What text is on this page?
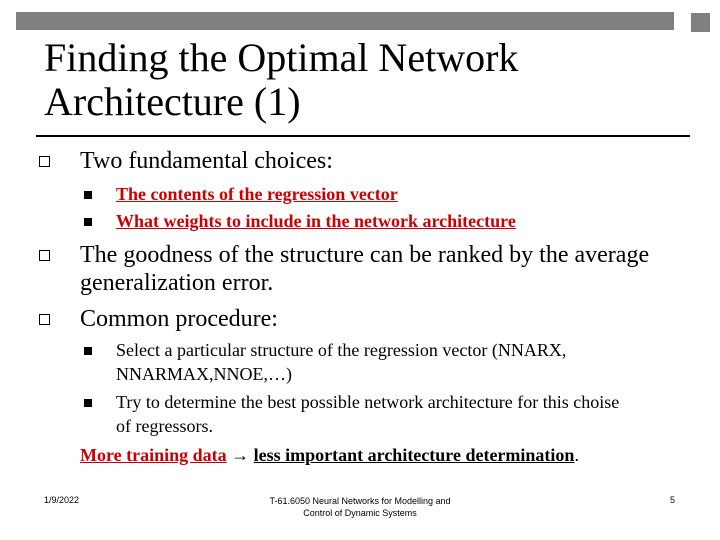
Finding the Optimal Network
Architecture (1)

Two fundamental choices:

The contents of the regression vector

What weights to include in the network architecture

The goodness of the structure can be ranked by the average
generalization error.

Common procedure:

Select a particular structure of the regression vector (NNARX,
NNARMAX,NNOE,…)

Try to determine the best possible network architecture for this choise
of regressors.

More training data → less important architecture determination.

1/9/2022	T-61.6050 Neural Networks for Modelling and
Control of Dynamic Systems
5
